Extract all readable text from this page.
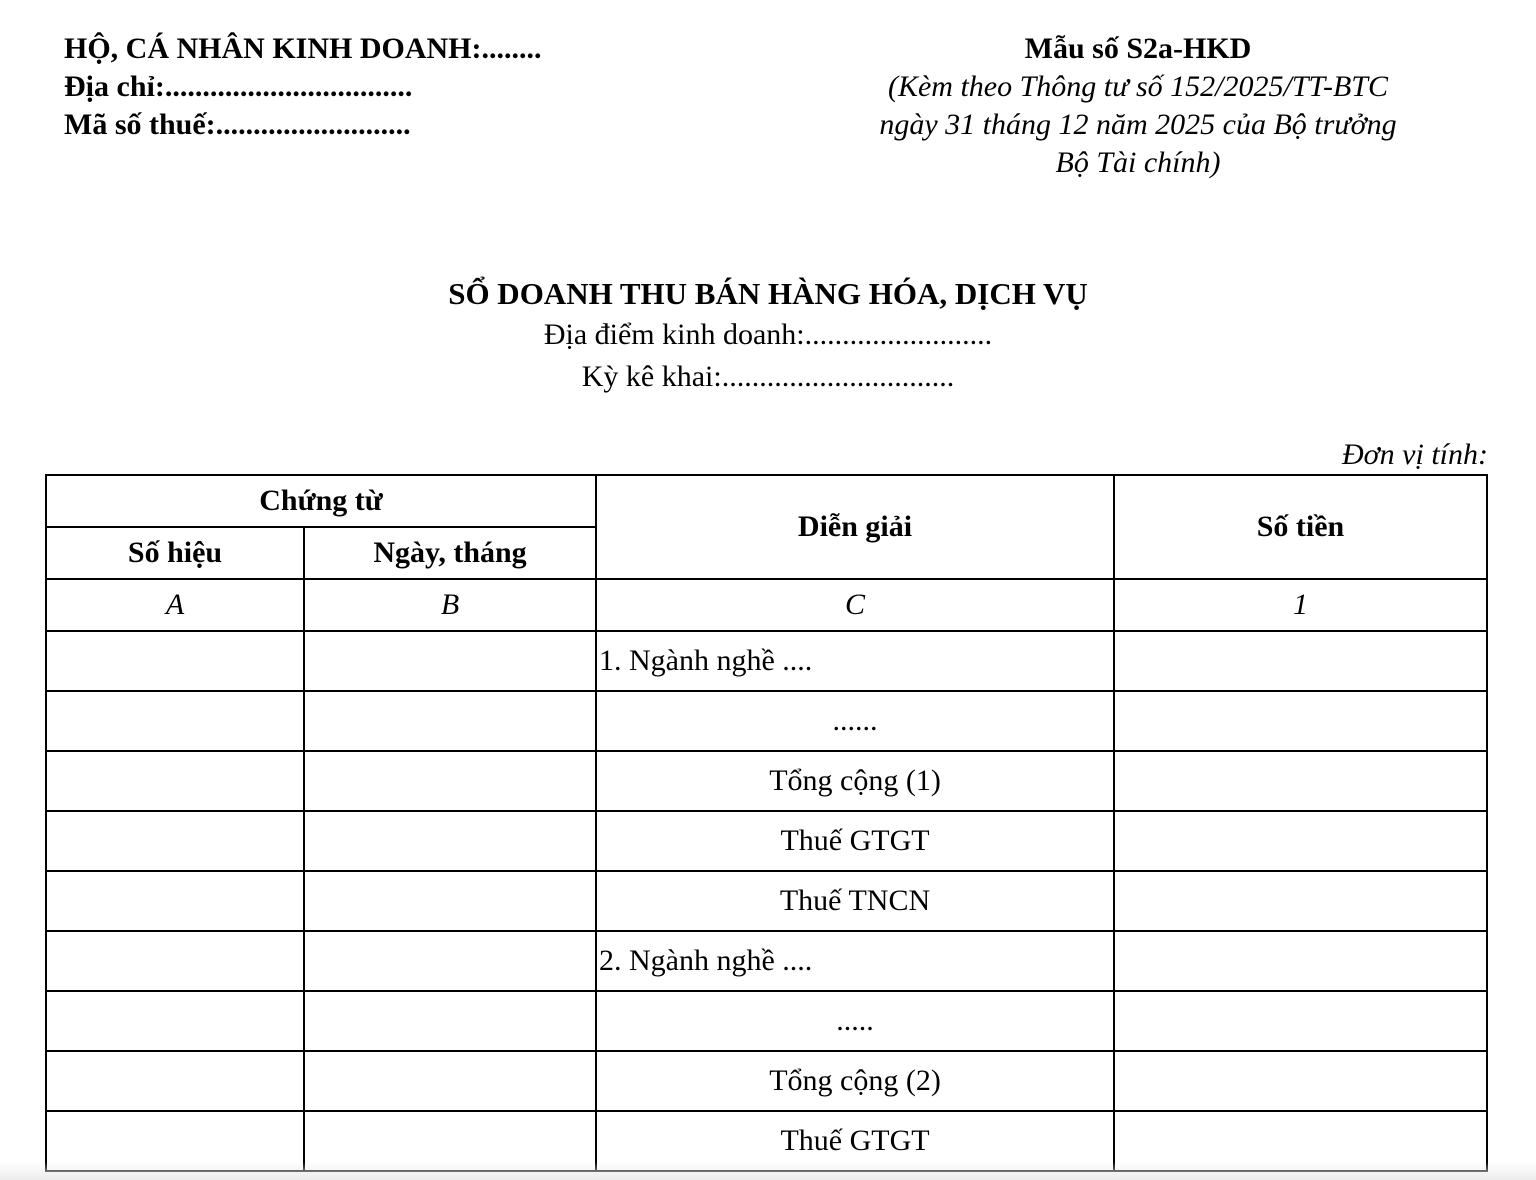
HỘ, CÁ NHÂN KINH DOANH:........
Địa chỉ:.................................
Mã số thuế:..........................
Mẫu số S2a-HKD
(Kèm theo Thông tư số 152/2025/TT-BTC
ngày 31 tháng 12 năm 2025 của Bộ trưởng
Bộ Tài chính)
SỔ DOANH THU BÁN HÀNG HÓA, DỊCH VỤ
Địa điểm kinh doanh:.........................
Kỳ kê khai:...............................
Đơn vị tính:
Chứng từ		Diễn giải	Số tiền
Số hiệu	Ngày, tháng		
A	B	C	1
		1. Ngành nghề ....	
		......	
		Tổng cộng (1)	
		Thuế GTGT	
		Thuế TNCN	
		2. Ngành nghề ....	
		.....	
		Tổng cộng (2)	
		Thuế GTGT	
